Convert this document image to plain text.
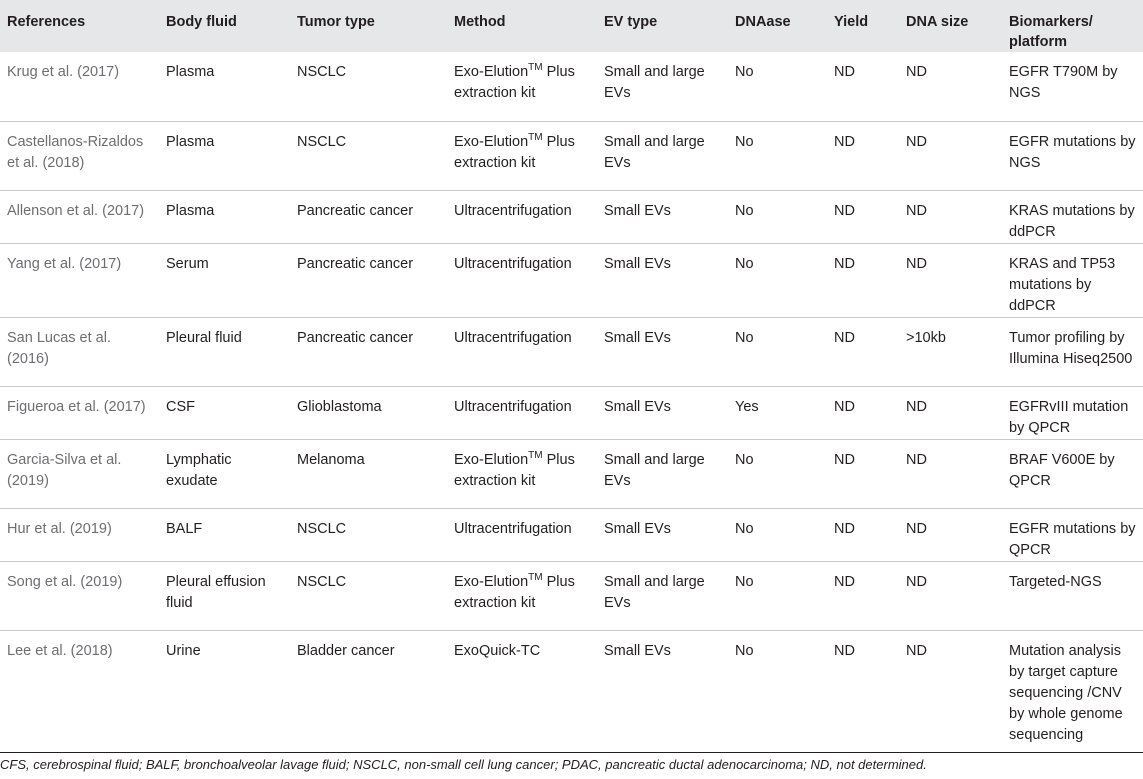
References	Body fluid	Tumor type	Method	EV type	DNAase	Yield	DNA size	Biomarkers/ platform
Krug et al. (2017)	Plasma	NSCLC	Exo-Elution™ Plus extraction kit	Small and large EVs	No	ND	ND	EGFR T790M by NGS
Castellanos-Rizaldos et al. (2018)	Plasma	NSCLC	Exo-Elution™ Plus extraction kit	Small and large EVs	No	ND	ND	EGFR mutations by NGS
Allenson et al. (2017)	Plasma	Pancreatic cancer	Ultracentrifugation	Small EVs	No	ND	ND	KRAS mutations by ddPCR
Yang et al. (2017)	Serum	Pancreatic cancer	Ultracentrifugation	Small EVs	No	ND	ND	KRAS and TP53 mutations by ddPCR
San Lucas et al. (2016)	Pleural fluid	Pancreatic cancer	Ultracentrifugation	Small EVs	No	ND	>10kb	Tumor profiling by Illumina Hiseq2500
Figueroa et al. (2017)	CSF	Glioblastoma	Ultracentrifugation	Small EVs	Yes	ND	ND	EGFRvIII mutation by QPCR
Garcia-Silva et al. (2019)	Lymphatic exudate	Melanoma	Exo-Elution™ Plus extraction kit	Small and large EVs	No	ND	ND	BRAF V600E by QPCR
Hur et al. (2019)	BALF	NSCLC	Ultracentrifugation	Small EVs	No	ND	ND	EGFR mutations by QPCR
Song et al. (2019)	Pleural effusion fluid	NSCLC	Exo-Elution™ Plus extraction kit	Small and large EVs	No	ND	ND	Targeted-NGS
Lee et al. (2018)	Urine	Bladder cancer	ExoQuick-TC	Small EVs	No	ND	ND	Mutation analysis by target capture sequencing /CNV by whole genome sequencing
CFS, cerebrospinal fluid; BALF, bronchoalveolar lavage fluid; NSCLC, non-small cell lung cancer; PDAC, pancreatic ductal adenocarcinoma; ND, not determined.
